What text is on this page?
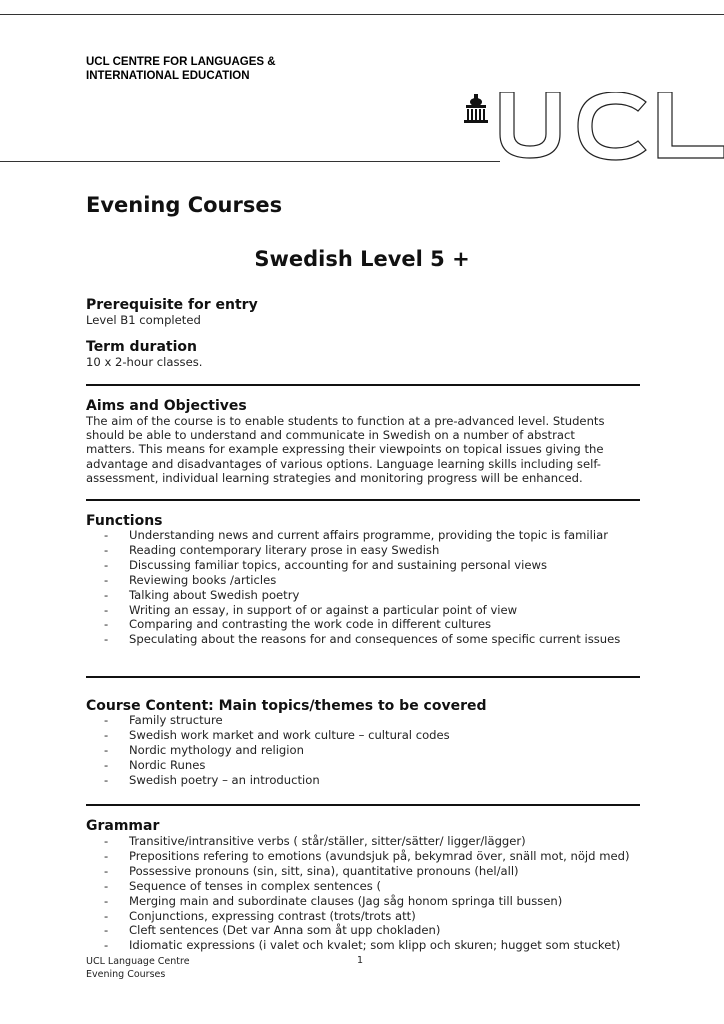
UCL CENTRE FOR LANGUAGES &
INTERNATIONAL EDUCATION
UCL
Evening Courses
Swedish Level 5 +
Prerequisite for entry
Level B1 completed
Term duration
10 x 2-hour classes.
Aims and Objectives
The aim of the course is to enable students to function at a pre-advanced level. Students
should be able to understand and communicate in Swedish on a number of abstract
matters. This means for example expressing their viewpoints on topical issues giving the
advantage and disadvantages of various options. Language learning skills including self-
assessment, individual learning strategies and monitoring progress will be enhanced.
Functions
- Understanding news and current affairs programme, providing the topic is familiar
- Reading contemporary literary prose in easy Swedish
- Discussing familiar topics, accounting for and sustaining personal views
- Reviewing books /articles
- Talking about Swedish poetry
- Writing an essay, in support of or against a particular point of view
- Comparing and contrasting the work code in different cultures
- Speculating about the reasons for and consequences of some specific current issues
Course Content: Main topics/themes to be covered
- Family structure
- Swedish work market and work culture – cultural codes
- Nordic mythology and religion
- Nordic Runes
- Swedish poetry – an introduction
Grammar
- Transitive/intransitive verbs ( står/ställer, sitter/sätter/ ligger/lägger)
- Prepositions refering to emotions (avundsjuk på, bekymrad över, snäll mot, nöjd med)
- Possessive pronouns (sin, sitt, sina), quantitative pronouns (hel/all)
- Sequence of tenses in complex sentences (
- Merging main and subordinate clauses (Jag såg honom springa till bussen)
- Conjunctions, expressing contrast (trots/trots att)
- Cleft sentences (Det var Anna som åt upp chokladen)
- Idiomatic expressions (i valet och kvalet; som klipp och skuren; hugget som stucket)
UCL Language Centre
Evening Courses
1
